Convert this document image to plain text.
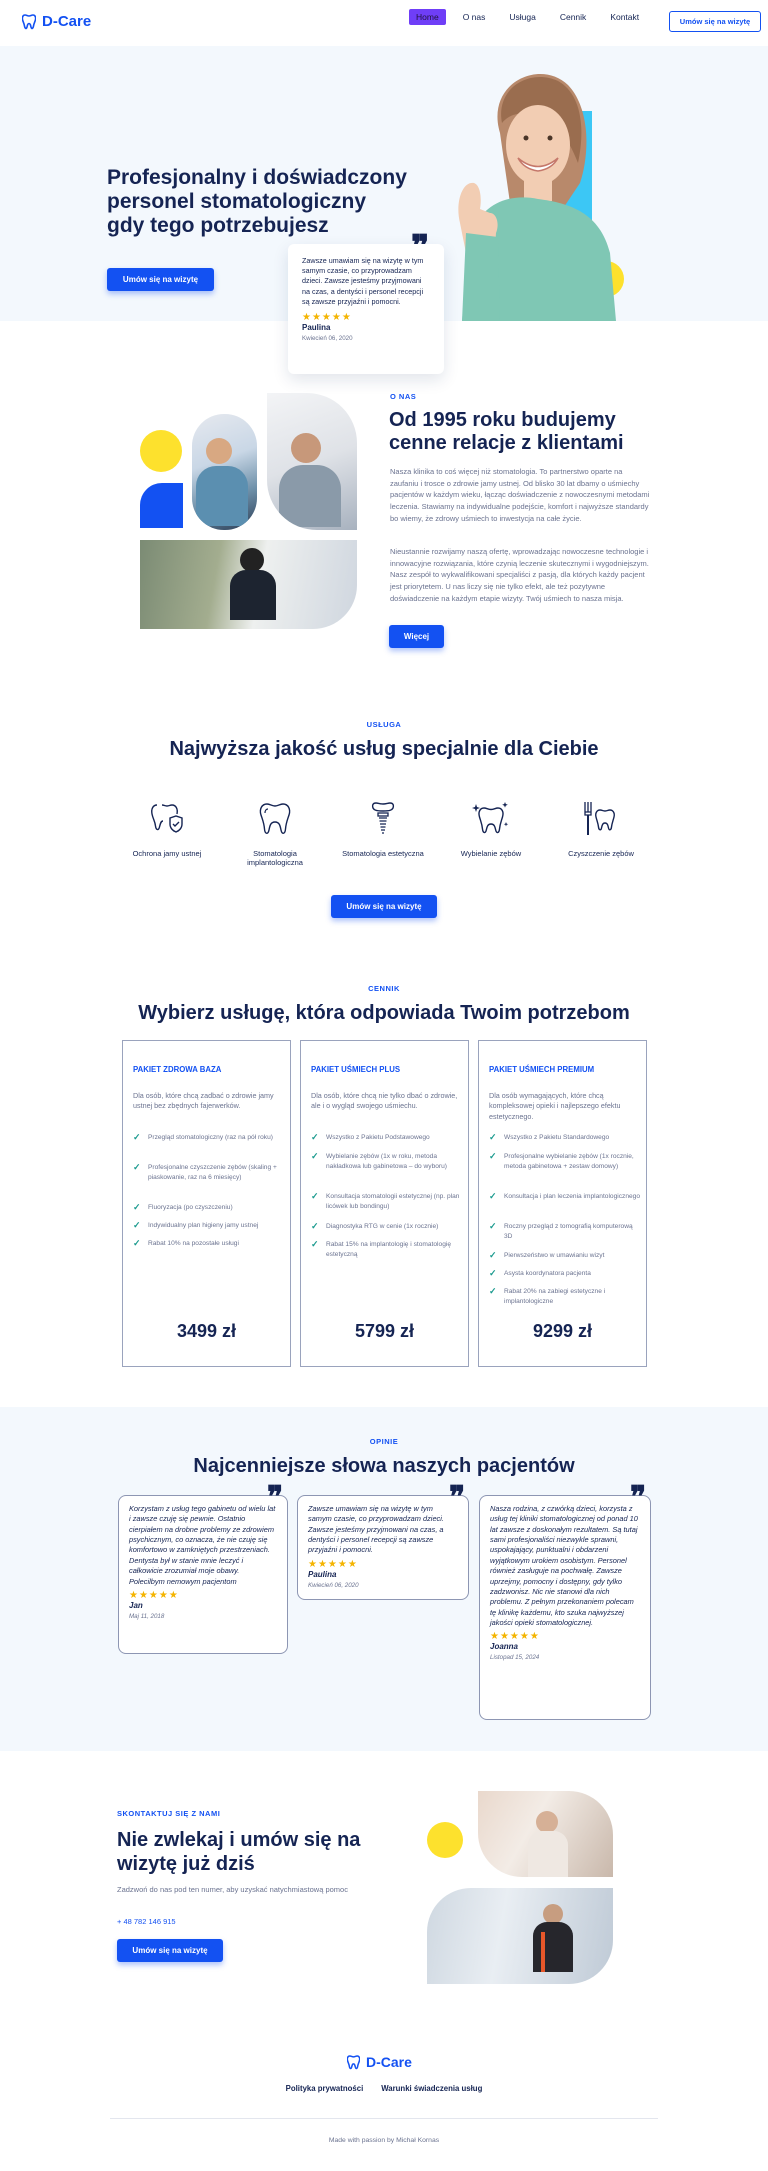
D-Care	Home	O nas	Usługa	Cennik	Kontakt	Umów się na wizytę
Profesjonalny i doświadczony personel stomatologiczny gdy tego potrzebujesz
Umów się na wizytę
Zawsze umawiam się na wizytę w tym samym czasie, co przyprowadzam dzieci. Zawsze jesteśmy przyjmowani na czas, a dentyści i personel recepcji są zawsze przyjaźni i pomocni.
★★★★★
Paulina
Kwiecień 06, 2020
O NAS
Od 1995 roku budujemy cenne relacje z klientami

Nasza klinika to coś więcej niż stomatologia. To partnerstwo oparte na zaufaniu i trosce o zdrowie jamy ustnej. Od blisko 30 lat dbamy o uśmiechy pacjentów w każdym wieku, łącząc doświadczenie z nowoczesnymi metodami leczenia. Stawiamy na indywidualne podejście, komfort i najwyższe standardy bo wiemy, że zdrowy uśmiech to inwestycja na całe życie.

Nieustannie rozwijamy naszą ofertę, wprowadzając nowoczesne technologie i innowacyjne rozwiązania, które czynią leczenie skutecznymi i wygodniejszym. Nasz zespół to wykwalifikowani specjaliści z pasją, dla których każdy pacjent jest priorytetem. U nas liczy się nie tylko efekt, ale też pozytywne doświadczenie na każdym etapie wizyty. Twój uśmiech to nasza misja.

Więcej
USŁUGA
Najwyższa jakość usług specjalnie dla Ciebie
Ochrona jamy ustnej	Stomatologia implantologiczna
Stomatologia estetyczna	Wybielanie zębów	Czyszczenie zębów
Umów się na wizytę
CENNIK
Wybierz usługę, która odpowiada Twoim potrzebom
PAKIET ZDROWA BAZA
Dla osób, które chcą zadbać o zdrowie jamy ustnej bez zbędnych fajerwerków.
✓	Przegląd stomatologiczny (raz na pół roku)
✓	Profesjonalne czyszczenie zębów (skaling + piaskowanie, raz na 6 miesięcy)
✓	Fluoryzacja (po czyszczeniu)
✓	Indywidualny plan higieny jamy ustnej
✓	Rabat 10% na pozostałe usługi
3499 zł
PAKIET UŚMIECH PLUS
Dla osób, które chcą nie tylko dbać o zdrowie, ale i o wygląd swojego uśmiechu.
✓	Wszystko z Pakietu Podstawowego
✓	Wybielanie zębów (1x w roku, metoda nakładkowa lub gabinetowa – do wyboru)
✓	Konsultacja stomatologii estetycznej (np. plan licówek lub bondingu)
✓	Diagnostyka RTG w cenie (1x rocznie)
✓	Rabat 15% na implantologię i stomatologię estetyczną
5799 zł
PAKIET UŚMIECH PREMIUM
Dla osób wymagających, które chcą kompleksowej opieki i najlepszego efektu estetycznego.
✓	Wszystko z Pakietu Standardowego
✓	Profesjonalne wybielanie zębów (1x rocznie, metoda gabinetowa + zestaw domowy)
✓	Konsultacja i plan leczenia implantologicznego
✓	Roczny przegląd z tomografią komputerową 3D
✓	Pierwszeństwo w umawianiu wizyt
✓	Asysta koordynatora pacjenta
✓	Rabat 20% na zabiegi estetyczne i implantologiczne
9299 zł
OPINIE
Najcenniejsze słowa naszych pacjentów
Korzystam z usług tego gabinetu od wielu lat i zawsze czuję się pewnie. Ostatnio cierpiałem na drobne problemy ze zdrowiem psychicznym, co oznacza, że nie czuję się komfortowo w zamkniętych przestrzeniach. Dentysta był w stanie mnie leczyć i całkowicie zrozumiał moje obawy. Polecilbym nemowym pacjentom
★★★★★
Jan
Maj 11, 2018
❞	Zawsze umawiam się na wizytę w tym samym czasie, co przyprowadzam dzieci. Zawsze jesteśmy przyjmowani na czas, a dentyści i personel recepcji są zawsze przyjaźni i pomocni.
★★★★★
Paulina
Kwiecień 06, 2020
❞	Nasza rodzina, z czwórką dzieci, korzysta z usług tej kliniki stomatologicznej od ponad 10 lat zawsze z doskonałym rezultatem. Są tutaj sami profesjonaliści niezwykle sprawni, uspokajający, punktualni i obdarzeni wyjątkowym urokiem osobistym. Personel również zasługuje na pochwałę. Zawsze uprzejmy, pomocny i dostępny, gdy tylko zadzwonisz. Nic nie stanowi dla nich problemu. Z pełnym przekonaniem polecam tę klinikę każdemu, kto szuka najwyższej jakości opieki stomatologicznej.
★★★★★
Joanna
Listopad 15, 2024
❞
SKONTAKTUJ SIĘ Z NAMI
Nie zwlekaj i umów się na wizytę już dziś
Zadzwoń do nas pod ten numer, aby uzyskać natychmiastową pomoc
+ 48 782 146 915
Umów się na wizytę
D-Care
Polityka prywatności Warunki świadczenia usług
Made with passion by Michał Kornas
